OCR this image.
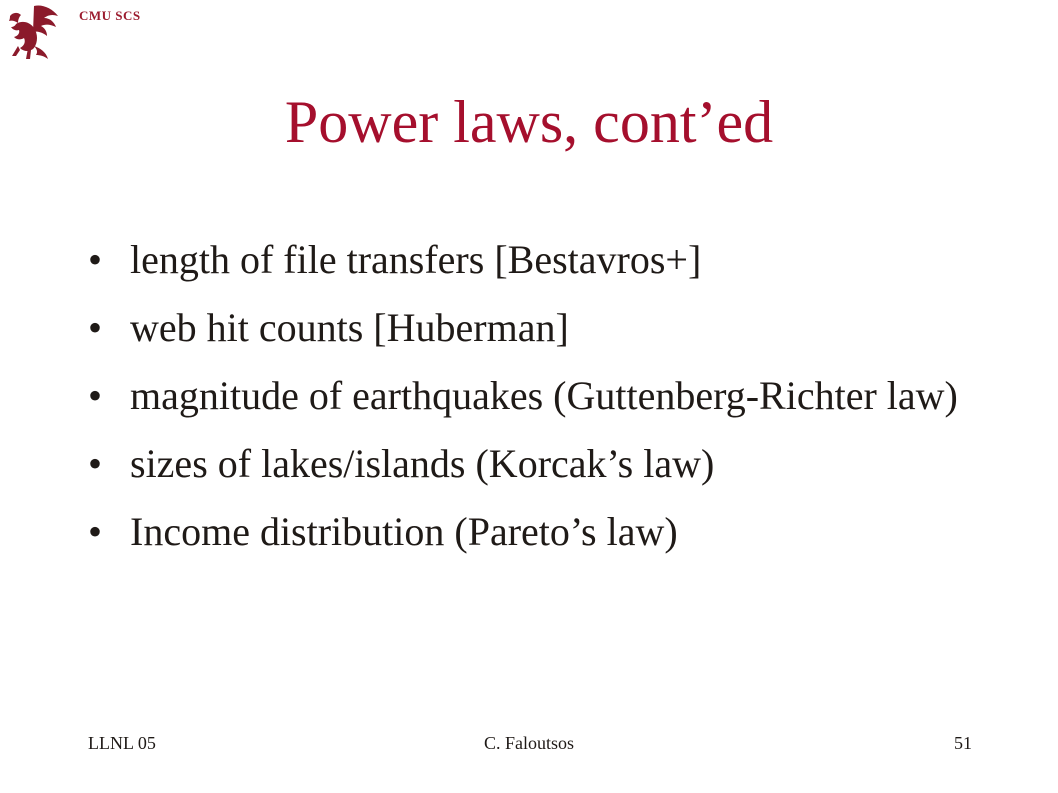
CMU SCS
Power laws, cont’ed
• length of file transfers [Bestavros+]
• web hit counts [Huberman]
• magnitude of earthquakes (Guttenberg-Richter law)
• sizes of lakes/islands (Korcak’s law)
• Income distribution (Pareto’s law)
LLNL 05	C. Faloutsos	51
